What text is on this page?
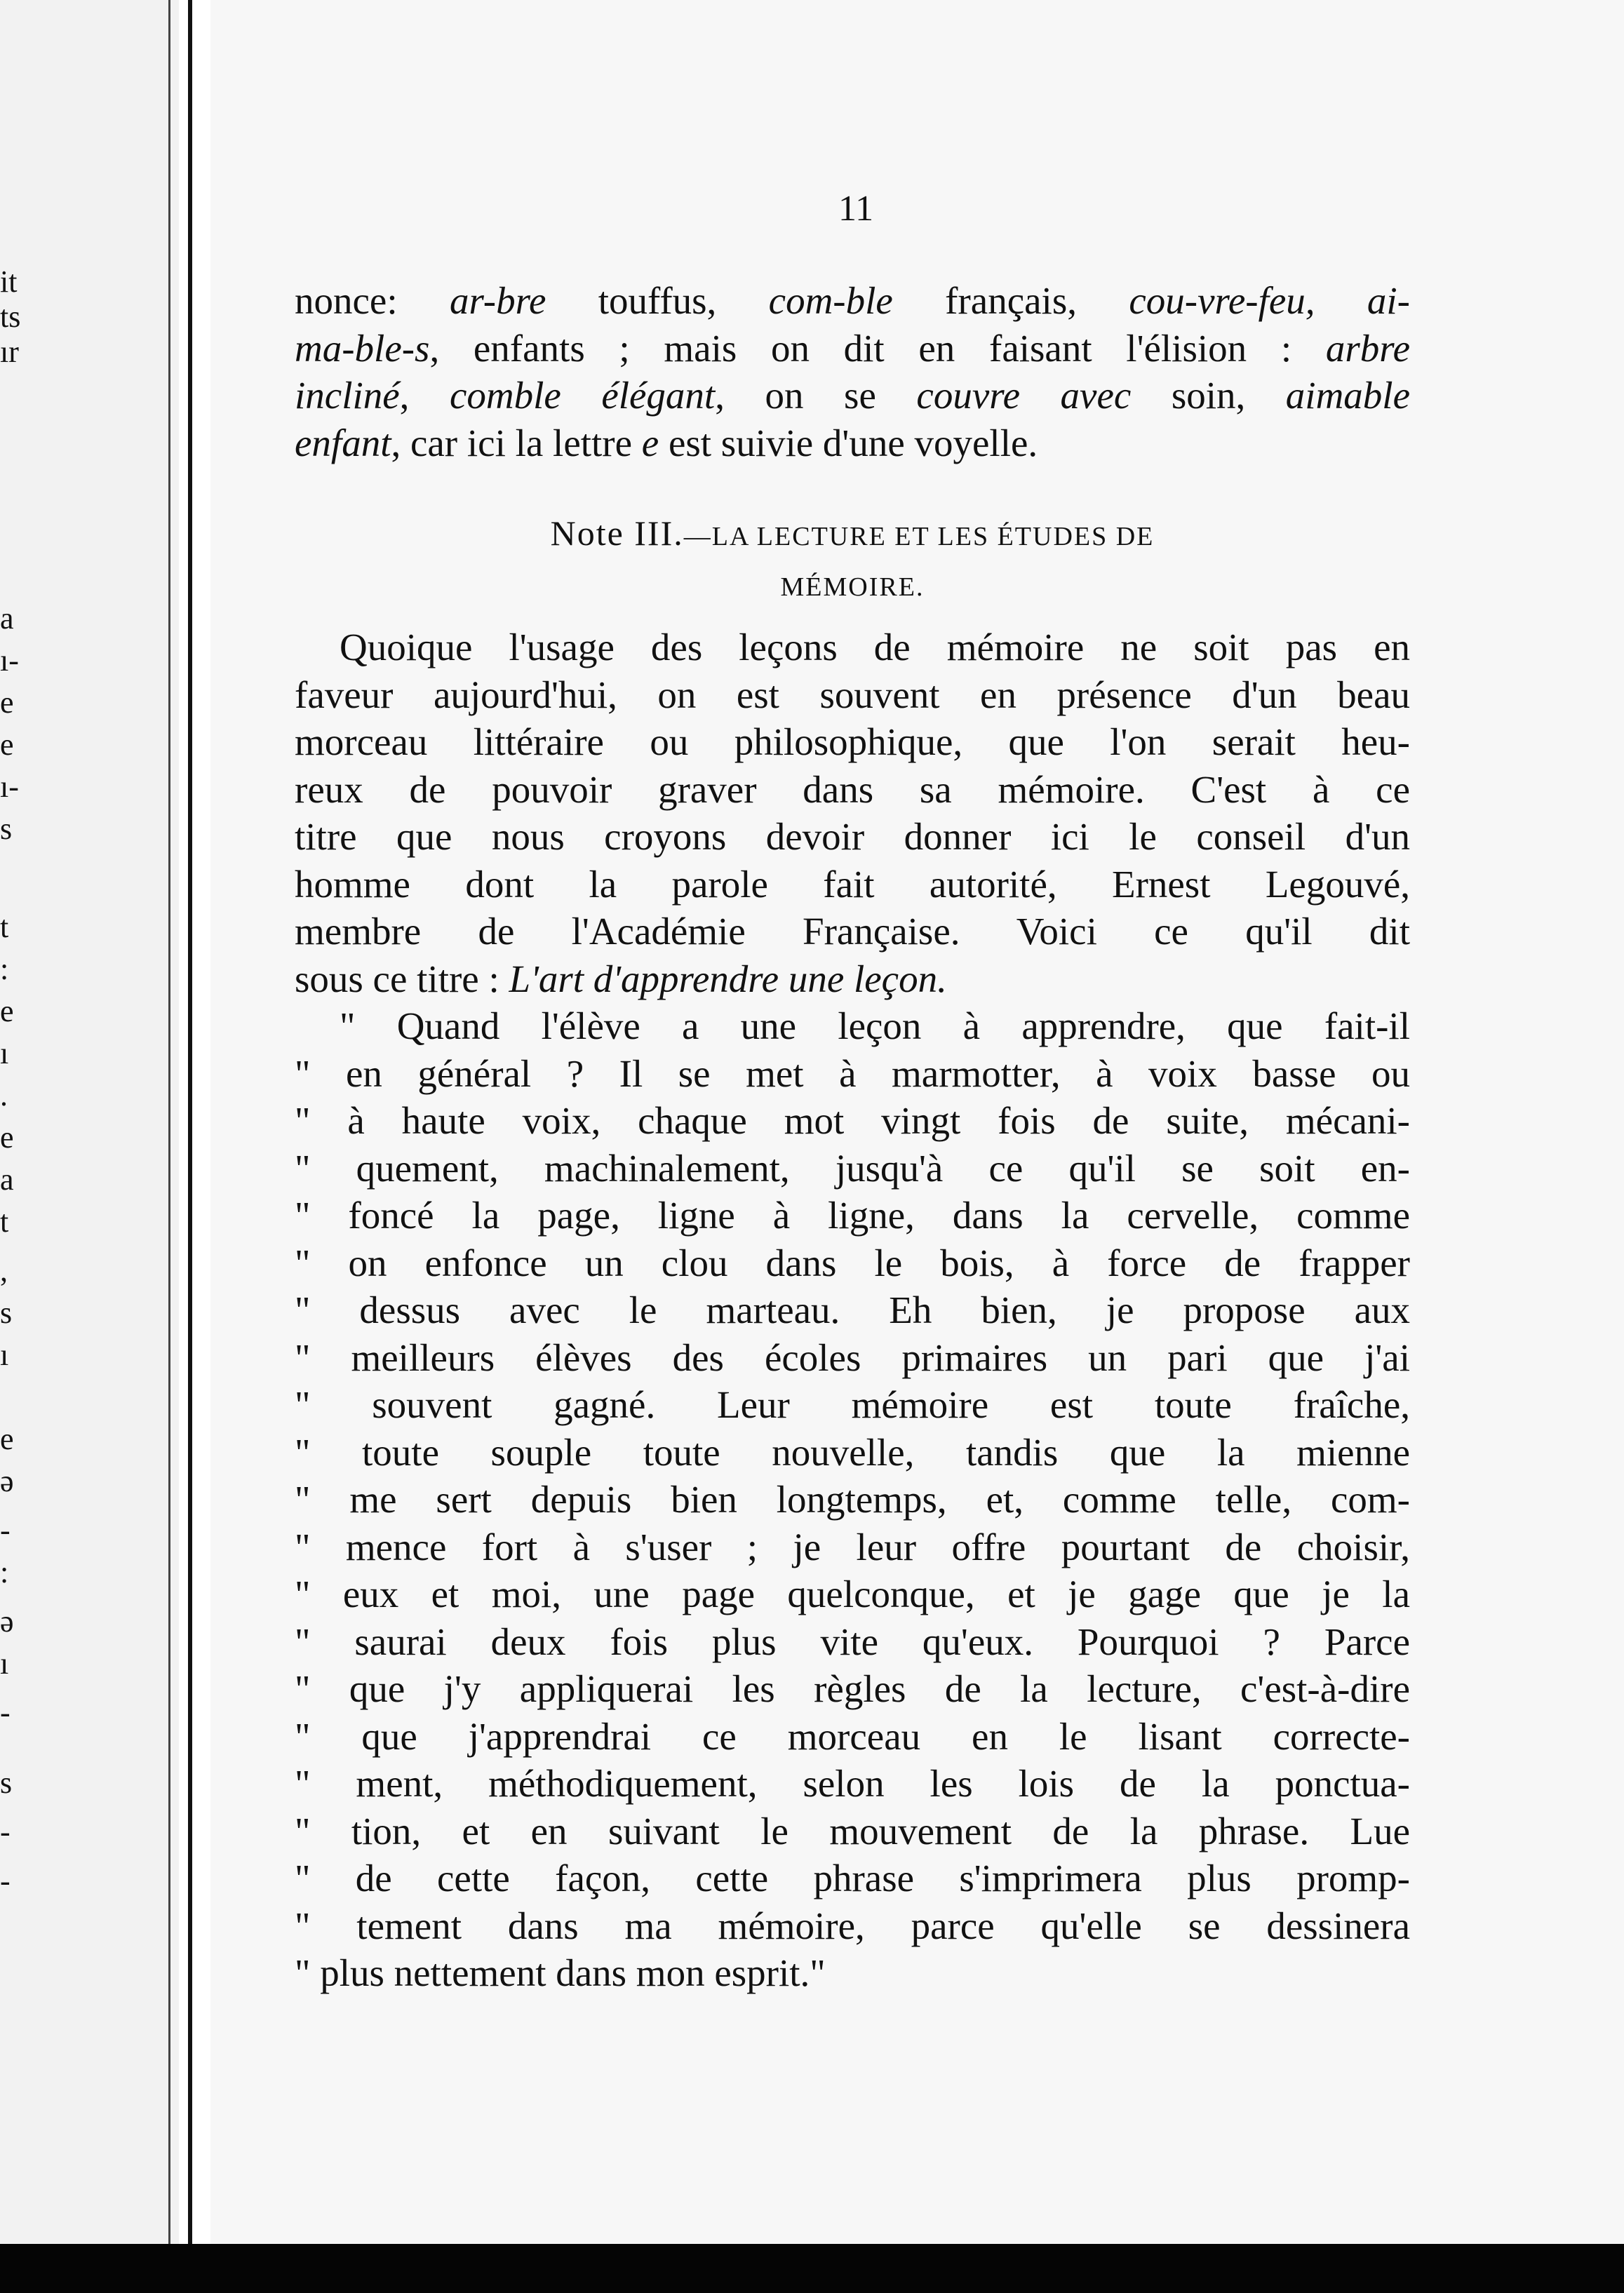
it
ts
ır
a
ı-
e
e
ı-
s
t
:
e
ı
.
e
a
t
,
s
ı
e
ə
-
:
ə
ı
-
s
-
-
11
nonce: ar-bre touffus, com-ble français, cou-vre-feu, ai-
ma-ble-s, enfants ; mais on dit en faisant l'élision : arbre
incliné, comble élégant, on se couvre avec soin, aimable
enfant, car ici la lettre e est suivie d'une voyelle.
Note III.—LA LECTURE ET LES ÉTUDES DE
MÉMOIRE.
Quoique l'usage des leçons de mémoire ne soit pas en
faveur aujourd'hui, on est souvent en présence d'un beau
morceau littéraire ou philosophique, que l'on serait heu-
reux de pouvoir graver dans sa mémoire. C'est à ce
titre que nous croyons devoir donner ici le conseil d'un
homme dont la parole fait autorité, Ernest Legouvé,
membre de l'Académie Française. Voici ce qu'il dit
sous ce titre : L'art d'apprendre une leçon.
" Quand l'élève a une leçon à apprendre, que fait-il
" en général ? Il se met à marmotter, à voix basse ou
" à haute voix, chaque mot vingt fois de suite, mécani-
" quement, machinalement, jusqu'à ce qu'il se soit en-
" foncé la page, ligne à ligne, dans la cervelle, comme
" on enfonce un clou dans le bois, à force de frapper
" dessus avec le marteau. Eh bien, je propose aux
" meilleurs élèves des écoles primaires un pari que j'ai
" souvent gagné. Leur mémoire est toute fraîche,
" toute souple toute nouvelle, tandis que la mienne
" me sert depuis bien longtemps, et, comme telle, com-
" mence fort à s'user ; je leur offre pourtant de choisir,
" eux et moi, une page quelconque, et je gage que je la
" saurai deux fois plus vite qu'eux. Pourquoi ? Parce
" que j'y appliquerai les règles de la lecture, c'est-à-dire
" que j'apprendrai ce morceau en le lisant correcte-
" ment, méthodiquement, selon les lois de la ponctua-
" tion, et en suivant le mouvement de la phrase. Lue
" de cette façon, cette phrase s'imprimera plus promp-
" tement dans ma mémoire, parce qu'elle se dessinera
" plus nettement dans mon esprit."
